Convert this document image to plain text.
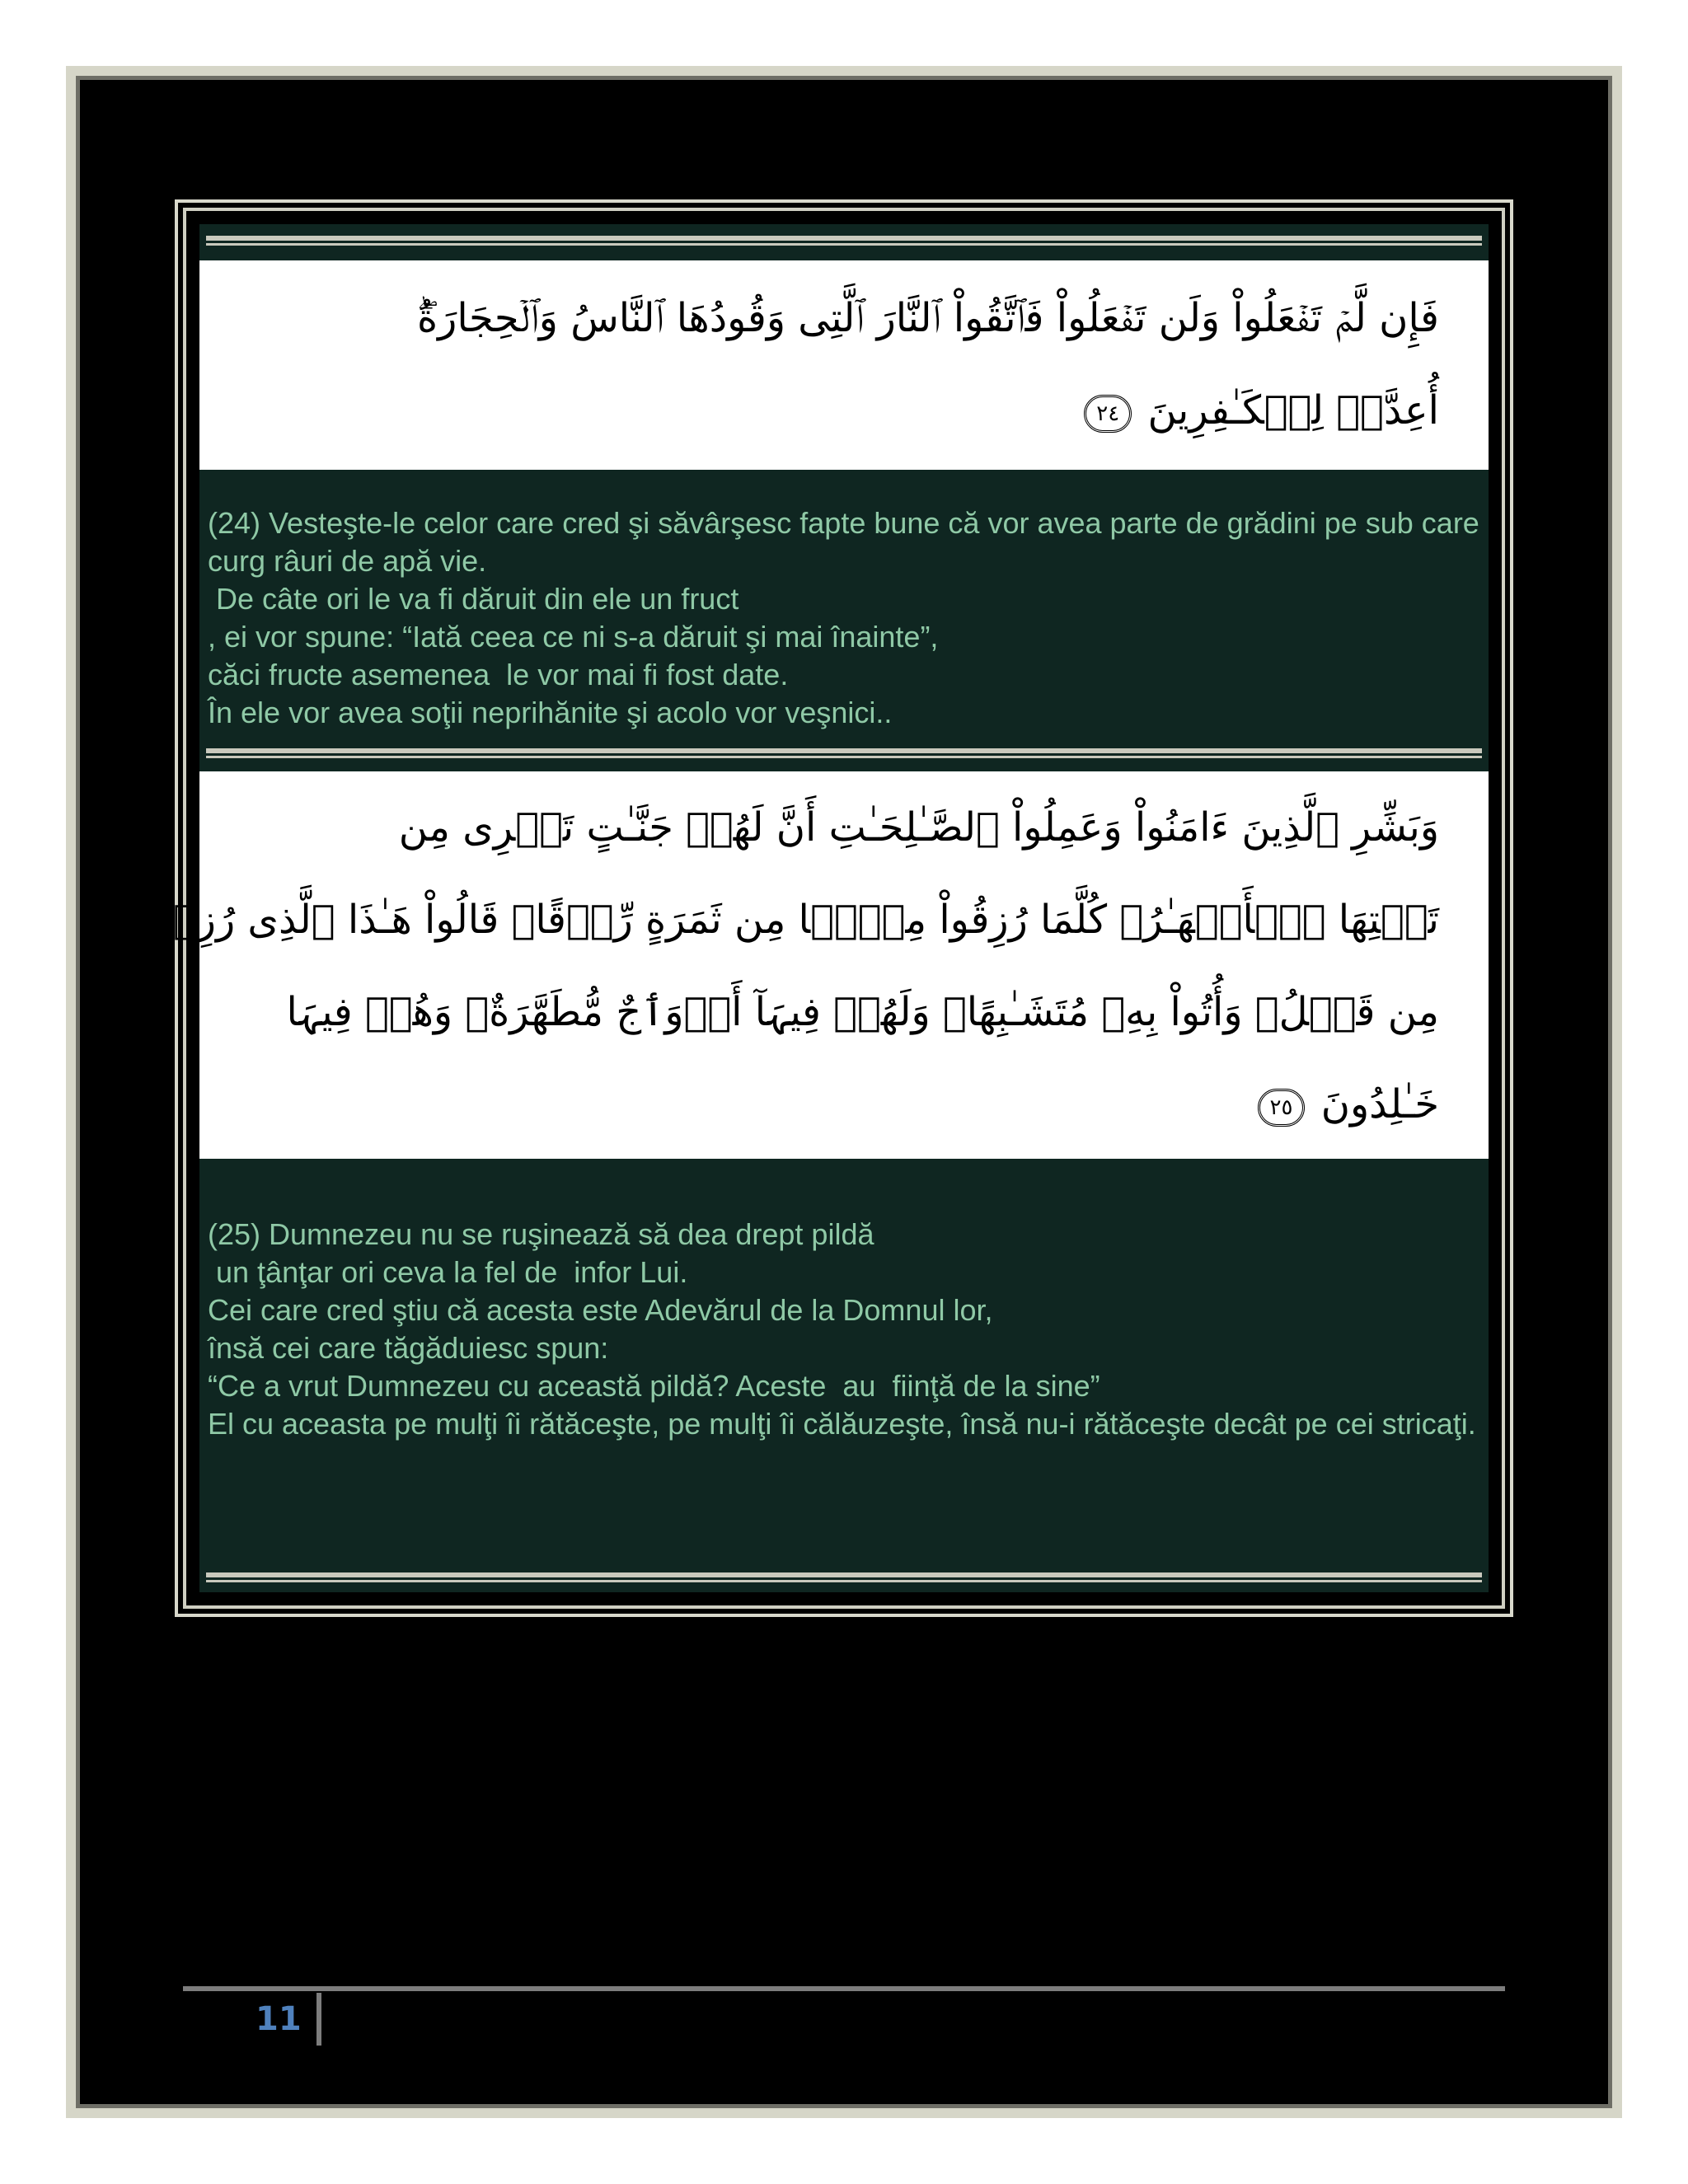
فَإِن لَّمۡ تَفۡعَلُواْ وَلَن تَفۡعَلُواْ فَٱتَّقُواْ ٱلنَّارَ ٱلَّتِى وَقُودُهَا ٱلنَّاسُ وَٱلۡحِجَارَةُ‌ۖ
أُعِدَّتۡ لِلۡكَـٰفِرِينَ ٢٤
(24) Vesteşte-le celor care cred şi săvârşesc fapte bune că vor avea parte de grădini pe sub care curg râuri de apă vie.
De câte ori le va fi dăruit din ele un fruct
, ei vor spune: “Iată ceea ce ni s-a dăruit şi mai înainte”,
căci fructe asemenea  le vor mai fi fost date.
În ele vor avea soţii neprihănite şi acolo vor veşnici..
وَبَشِّرِ ٱلَّذِينَ ءَامَنُواْ وَعَمِلُواْ ٱلصَّـٰلِحَـٰتِ أَنَّ لَهُمۡ جَنَّـٰتٍ تَجۡرِى مِن
تَحۡتِهَا ٱلۡأَنۡهَـٰرُ‌ۖ كُلَّمَا رُزِقُواْ مِنۡہَا مِن ثَمَرَةٍ رِّزۡقًا‌ۙ قَالُواْ هَـٰذَا ٱلَّذِى رُزِقۡنَا
مِن قَبۡلُ‌ۖ وَأُتُواْ بِهِۦ مُتَشَـٰبِهًا‌ۖ وَلَهُمۡ فِيہَآ أَزۡوَٲجٌ مُّطَهَّرَةٌ‌ۖ وَهُمۡ فِيہَا
خَـٰلِدُونَ ٢٥
(25) Dumnezeu nu se ruşinează să dea drept pildă
un ţânţar ori ceva la fel de  infor Lui.
Cei care cred ştiu că acesta este Adevărul de la Domnul lor,
însă cei care tăgăduiesc spun:
“Ce a vrut Dumnezeu cu această pildă? Aceste  au  fiinţă de la sine”
El cu aceasta pe mulţi îi rătăceşte, pe mulţi îi călăuzeşte, însă nu-i rătăceşte decât pe cei stricaţi.
11
